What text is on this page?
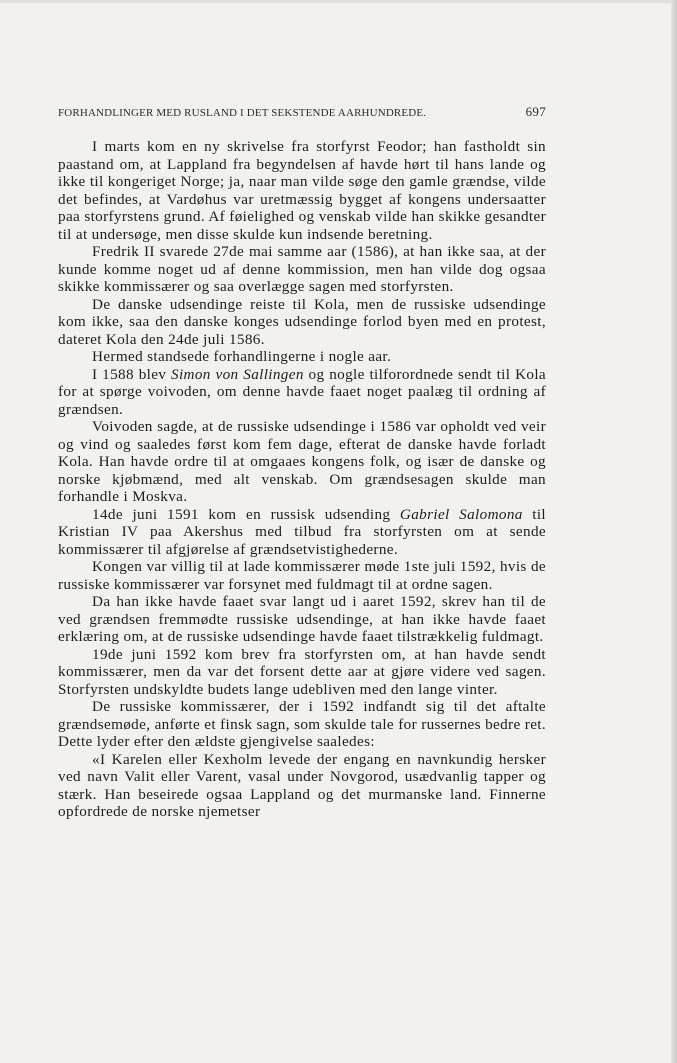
FORHANDLINGER MED RUSLAND I DET SEKSTENDE AARHUNDREDE.	697

I marts kom en ny skrivelse fra storfyrst Feodor; han fastholdt sin paastand om, at Lappland fra begyndelsen af havde hørt til hans lande og ikke til kongeriget Norge; ja, naar man vilde søge den gamle grændse, vilde det befindes, at Vardøhus var uretmæssig bygget af kongens undersaatter paa storfyrstens grund. Af føielighed og venskab vilde han skikke gesandter til at undersøge, men disse skulde kun indsende beretning.

Fredrik II svarede 27de mai samme aar (1586), at han ikke saa, at der kunde komme noget ud af denne kommission, men han vilde dog ogsaa skikke kommissærer og saa overlægge sagen med storfyrsten.

De danske udsendinge reiste til Kola, men de russiske udsendinge kom ikke, saa den danske konges udsendinge forlod byen med en protest, dateret Kola den 24de juli 1586.

Hermed standsede forhandlingerne i nogle aar.

I 1588 blev Simon von Sallingen og nogle tilforordnede sendt til Kola for at spørge voivoden, om denne havde faaet noget paalæg til ordning af grændsen.

Voivoden sagde, at de russiske udsendinge i 1586 var opholdt ved veir og vind og saaledes først kom fem dage, efterat de danske havde forladt Kola. Han havde ordre til at omgaaes kongens folk, og især de danske og norske kjøbmænd, med alt venskab. Om grændsesagen skulde man forhandle i Moskva.

14de juni 1591 kom en russisk udsending Gabriel Salomona til Kristian IV paa Akershus med tilbud fra storfyrsten om at sende kommissærer til afgjørelse af grændsetvistighederne.

Kongen var villig til at lade kommissærer møde 1ste juli 1592, hvis de russiske kommissærer var forsynet med fuldmagt til at ordne sagen.

Da han ikke havde faaet svar langt ud i aaret 1592, skrev han til de ved grændsen fremmødte russiske udsendinge, at han ikke havde faaet erklæring om, at de russiske udsendinge havde faaet tilstrækkelig fuldmagt.

19de juni 1592 kom brev fra storfyrsten om, at han havde sendt kommissærer, men da var det forsent dette aar at gjøre videre ved sagen. Storfyrsten undskyldte budets lange udebliven med den lange vinter.

De russiske kommissærer, der i 1592 indfandt sig til det aftalte grændsemøde, anførte et finsk sagn, som skulde tale for russernes bedre ret. Dette lyder efter den ældste gjengivelse saaledes:

«I Karelen eller Kexholm levede der engang en navnkundig hersker ved navn Valit eller Varent, vasal under Novgorod, usædvanlig tapper og stærk. Han beseirede ogsaa Lappland og det murmanske land. Finnerne opfordrede de norske njemetser
